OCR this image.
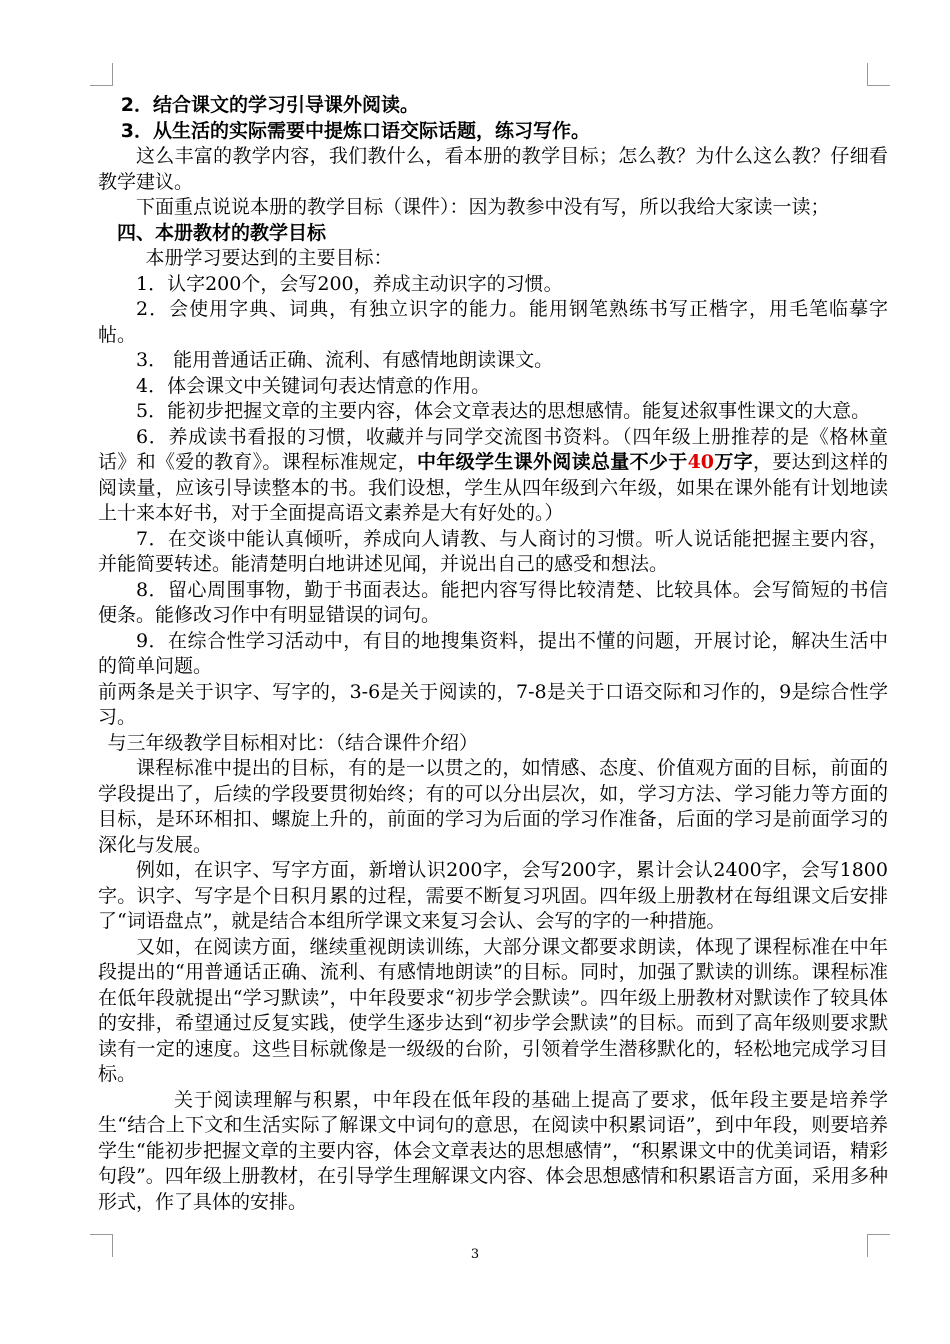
2．结合课文的学习引导课外阅读。

3．从生活的实际需要中提炼口语交际话题，练习写作。

这么丰富的教学内容，我们教什么，看本册的教学目标；怎么教？为什么这么教？仔细看教学建议。

下面重点说说本册的教学目标（课件）：因为教参中没有写，所以我给大家读一读；

四、本册教材的教学目标

本册学习要达到的主要目标：

1．认字200个，会写200，养成主动识字的习惯。

2．会使用字典、词典，有独立识字的能力。能用钢笔熟练书写正楷字，用毛笔临摹字帖。

3． 能用普通话正确、流利、有感情地朗读课文。

4．体会课文中关键词句表达情意的作用。

5．能初步把握文章的主要内容，体会文章表达的思想感情。能复述叙事性课文的大意。

6．养成读书看报的习惯，收藏并与同学交流图书资料。（四年级上册推荐的是《格林童话》和《爱的教育》。课程标准规定，中年级学生课外阅读总量不少于40万字，要达到这样的阅读量，应该引导读整本的书。我们设想，学生从四年级到六年级，如果在课外能有计划地读上十来本好书，对于全面提高语文素养是大有好处的。）

7．在交谈中能认真倾听，养成向人请教、与人商讨的习惯。听人说话能把握主要内容，并能简要转述。能清楚明白地讲述见闻，并说出自己的感受和想法。

8．留心周围事物，勤于书面表达。能把内容写得比较清楚、比较具体。会写简短的书信便条。能修改习作中有明显错误的词句。

9．在综合性学习活动中，有目的地搜集资料，提出不懂的问题，开展讨论，解决生活中的简单问题。

前两条是关于识字、写字的，3-6是关于阅读的，7-8是关于口语交际和习作的，9是综合性学习。

与三年级教学目标相对比：（结合课件介绍）

课程标准中提出的目标，有的是一以贯之的，如情感、态度、价值观方面的目标，前面的学段提出了，后续的学段要贯彻始终；有的可以分出层次，如，学习方法、学习能力等方面的目标，是环环相扣、螺旋上升的，前面的学习为后面的学习作准备，后面的学习是前面学习的深化与发展。

例如，在识字、写字方面，新增认识200字，会写200字，累计会认2400字，会写1800字。识字、写字是个日积月累的过程，需要不断复习巩固。四年级上册教材在每组课文后安排了“词语盘点”，就是结合本组所学课文来复习会认、会写的字的一种措施。

又如，在阅读方面，继续重视朗读训练，大部分课文都要求朗读，体现了课程标准在中年段提出的“用普通话正确、流利、有感情地朗读”的目标。同时，加强了默读的训练。课程标准在低年段就提出“学习默读”，中年段要求“初步学会默读”。四年级上册教材对默读作了较具体的安排，希望通过反复实践，使学生逐步达到“初步学会默读”的目标。而到了高年级则要求默读有一定的速度。这些目标就像是一级级的台阶，引领着学生潜移默化的，轻松地完成学习目标。

关于阅读理解与积累，中年段在低年段的基础上提高了要求，低年段主要是培养学生“结合上下文和生活实际了解课文中词句的意思，在阅读中积累词语”，到中年段，则要培养学生“能初步把握文章的主要内容，体会文章表达的思想感情”，“积累课文中的优美词语，精彩句段”。四年级上册教材，在引导学生理解课文内容、体会思想感情和积累语言方面，采用多种形式，作了具体的安排。

3
